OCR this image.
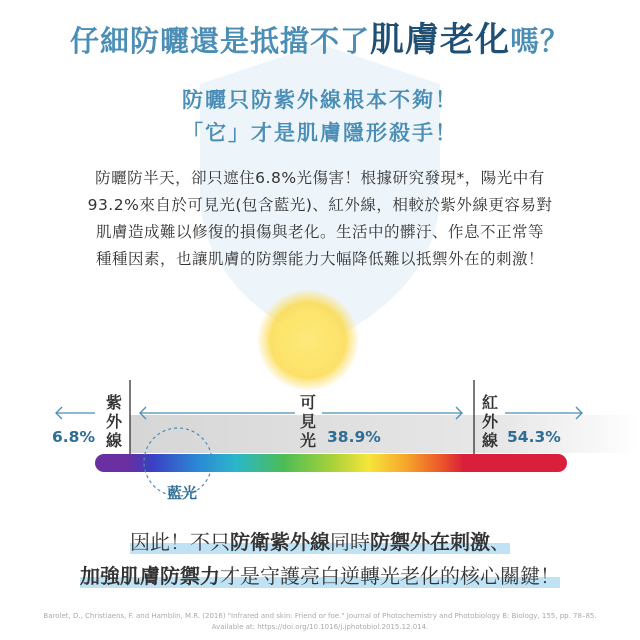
仔細防曬還是抵擋不了肌膚老化嗎？
防曬只防紫外線根本不夠！
「它」才是肌膚隱形殺手！
防曬防半天，卻只遮住6.8%光傷害！根據研究發現*，陽光中有
93.2%來自於可見光(包含藍光)、紅外線，相較於紫外線更容易對
肌膚造成難以修復的損傷與老化。生活中的髒汙、作息不正常等
種種因素，也讓肌膚的防禦能力大幅降低難以抵禦外在的刺激！
紫
外
線
6.8%
可
見
光 38.9%
紅
外
線 54.3%
藍光
因此！不只防衛紫外線同時防禦外在刺激、
加強肌膚防禦力才是守護亮白逆轉光老化的核心關鍵！
Barolet, D., Christiaens, F. and Hamblin, M.R. (2016) "Infrared and skin: Friend or foe." Journal of Photochemistry and Photobiology B: Biology, 155, pp. 78–85.
Available at: https://doi.org/10.1016/j.jphotobiol.2015.12.014.
